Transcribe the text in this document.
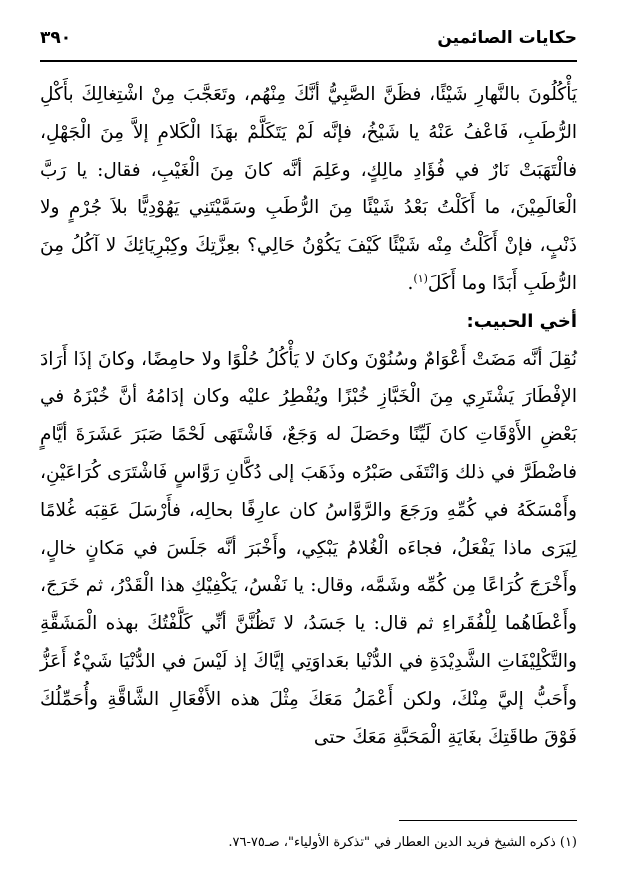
حكايات الصائمين
٣٩٠

يَأْكُلُونَ بالنَّهارِ شَيْئًا، فظَنَّ الصَّبِيُّ أنَّكَ مِنْهُم، وتَعَجَّبَ مِنْ اشْتِغالِكَ بأَكْلِ الرُّطَبِ، فَاعْفُ عَنْهُ يا شَيْخُ، فإنَّه لَمْ يَتَكَلَّمْ بهَذَا الْكَلامِ إلاَّ مِنَ الْجَهْلِ، فالْتَهَبَتْ نَارٌ في فُؤَادِ مالِكٍ، وعَلِمَ أنَّه كانَ مِنَ الْغَيْبِ، فقال: يا رَبَّ الْعَالَمِيْنَ، ما أَكَلْتُ بَعْدُ شَيْئًا مِنَ الرُّطَبِ وسَمَّيْتَنِي يَهُوْدِيًّا بلاَ جُرْمٍ ولا ذَنْبٍ، فإنْ أَكَلْتُ مِنْه شَيْئًا كَيْفَ يَكُوْنُ حَالِي؟ بعِزَّتِكَ وكِبْرِيَائِكَ لا آكُلُ مِنَ الرُّطَبِ أَبَدًا وما أَكَلَ$^{(١)}$.

أخي الحبيب:

نُقِلَ أنَّه مَضَتْ أَعْوَامٌ وسُنُوْنَ وكانَ لا يَأْكُلُ حُلْوًا ولا حامِضًا، وكانَ إذَا أَرَادَ الإفْطَارَ يَشْتَرِي مِنَ الْخَبَّازِ خُبْزًا ويُفْطِرُ عليْه وكان إدَامُهُ أنَّ خُبْزَهُ في بَعْضِ الأَوْقَاتِ كانَ لَيِّنًا وحَصَلَ له وَجَعٌ، فَاشْتَهَى لَحْمًا صَبَرَ عَشَرَةَ أيَّامٍ فاضْطَرَّ في ذلك وَانْتَفَى صَبْرُه وذَهَبَ إلى دُكَّانِ رَوَّاسٍ فَاشْتَرَى كُرَاعَيْنِ، وأَمْسَكَهُ في كُمِّهِ ورَجَعَ والرَّوَّاسُ كان عارِفًا بحالِه، فأَرْسَلَ عَقِبَه غُلامًا لِيَرَى ماذا يَفْعَلُ، فجاءَه الْغُلامُ يَبْكِي، وأَخْبَرَ أنَّه جَلَسَ في مَكانٍ خالٍ، وأَخْرَجَ كُرَاعًا مِن كُمِّه وشَمَّه، وقال: يا نَفْسُ، يَكْفِيْكِ هذا الْقَدْرُ، ثم خَرَجَ، وأَعْطَاهُما لِلْفُقَراءِ ثم قال: يا جَسَدُ، لا تَظُنَّنَّ أنِّي كَلَّفْتُكَ بهذه الْمَشَقَّةِ والتَّكْلِيْفَاتِ الشَّدِيْدَةِ في الدُّنْيا بعَداوَتِي إيَّاكَ إذ لَيْسَ في الدُّنْيَا شَيْءٌ أَعَزُّ وأَحَبُّ إليَّ مِنْكَ، ولكن أَعْمَلُ مَعَكَ مِثْلَ هذه الأَفْعَالِ الشَّاقَّةِ وأُحَمِّلُكَ فَوْقَ طاقَتِكَ بغَايَةِ الْمَحَبَّةِ مَعَكَ حتى

(١) ذكره الشيخ فريد الدين العطار في "تذكرة الأولياء"، صـ٧٥-٧٦.
